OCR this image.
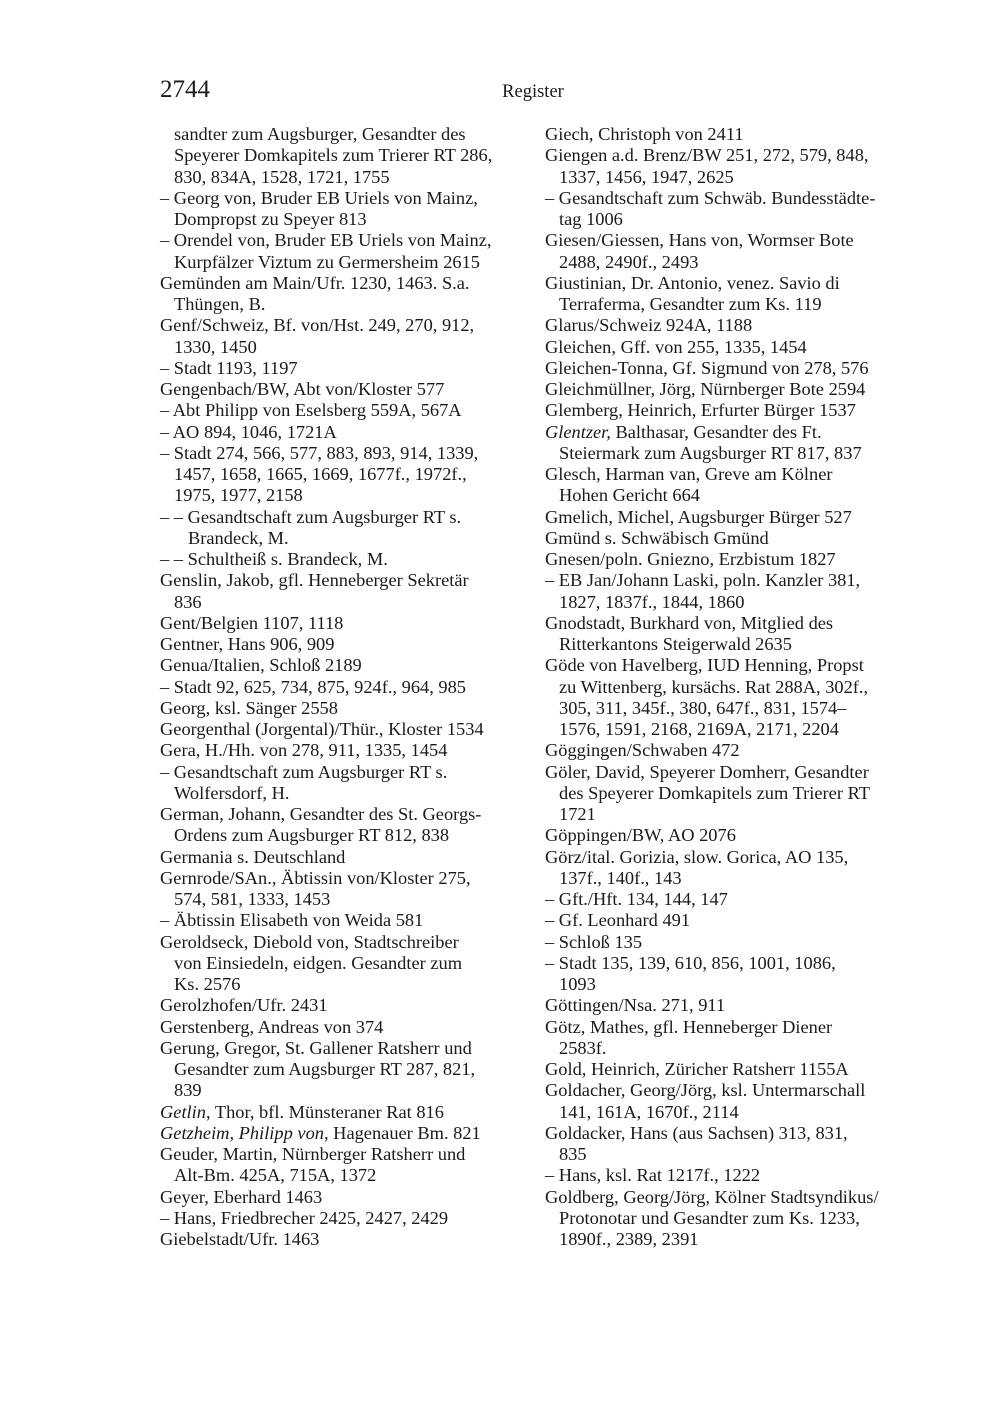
2744	Register
sandter zum Augsburger, Gesandter des
Speyerer Domkapitels zum Trierer RT 286,
830, 834A, 1528, 1721, 1755
– Georg von, Bruder EB Uriels von Mainz,
Dompropst zu Speyer 813
– Orendel von, Bruder EB Uriels von Mainz,
Kurpfälzer Viztum zu Germersheim 2615
Gemünden am Main/Ufr. 1230, 1463. S.a.
Thüngen, B.
Genf/Schweiz, Bf. von/Hst. 249, 270, 912,
1330, 1450
– Stadt 1193, 1197
Gengenbach/BW, Abt von/Kloster 577
– Abt Philipp von Eselsberg 559A, 567A
– AO 894, 1046, 1721A
– Stadt 274, 566, 577, 883, 893, 914, 1339,
1457, 1658, 1665, 1669, 1677f., 1972f.,
1975, 1977, 2158
– – Gesandtschaft zum Augsburger RT s.
Brandeck, M.
– – Schultheiß s. Brandeck, M.
Genslin, Jakob, gfl. Henneberger Sekretär
836
Gent/Belgien 1107, 1118
Gentner, Hans 906, 909
Genua/Italien, Schloß 2189
– Stadt 92, 625, 734, 875, 924f., 964, 985
Georg, ksl. Sänger 2558
Georgenthal (Jorgental)/Thür., Kloster 1534
Gera, H./Hh. von 278, 911, 1335, 1454
– Gesandtschaft zum Augsburger RT s.
Wolfersdorf, H.
German, Johann, Gesandter des St. Georgs-
Ordens zum Augsburger RT 812, 838
Germania s. Deutschland
Gernrode/SAn., Äbtissin von/Kloster 275,
574, 581, 1333, 1453
– Äbtissin Elisabeth von Weida 581
Geroldseck, Diebold von, Stadtschreiber
von Einsiedeln, eidgen. Gesandter zum
Ks. 2576
Gerolzhofen/Ufr. 2431
Gerstenberg, Andreas von 374
Gerung, Gregor, St. Gallener Ratsherr und
Gesandter zum Augsburger RT 287, 821,
839
Getlin, Thor, bfl. Münsteraner Rat 816
Getzheim, Philipp von, Hagenauer Bm. 821
Geuder, Martin, Nürnberger Ratsherr und
Alt-Bm. 425A, 715A, 1372
Geyer, Eberhard 1463
– Hans, Friedbrecher 2425, 2427, 2429
Giebelstadt/Ufr. 1463
Giech, Christoph von 2411
Giengen a.d. Brenz/BW 251, 272, 579, 848,
1337, 1456, 1947, 2625
– Gesandtschaft zum Schwäb. Bundesstädte-
tag 1006
Giesen/Giessen, Hans von, Wormser Bote
2488, 2490f., 2493
Giustinian, Dr. Antonio, venez. Savio di
Terraferma, Gesandter zum Ks. 119
Glarus/Schweiz 924A, 1188
Gleichen, Gff. von 255, 1335, 1454
Gleichen-Tonna, Gf. Sigmund von 278, 576
Gleichmüllner, Jörg, Nürnberger Bote 2594
Glemberg, Heinrich, Erfurter Bürger 1537
Glentzer, Balthasar, Gesandter des Ft.
Steiermark zum Augsburger RT 817, 837
Glesch, Harman van, Greve am Kölner
Hohen Gericht 664
Gmelich, Michel, Augsburger Bürger 527
Gmünd s. Schwäbisch Gmünd
Gnesen/poln. Gniezno, Erzbistum 1827
– EB Jan/Johann Laski, poln. Kanzler 381,
1827, 1837f., 1844, 1860
Gnodstadt, Burkhard von, Mitglied des
Ritterkantons Steigerwald 2635
Göde von Havelberg, IUD Henning, Propst
zu Wittenberg, kursächs. Rat 288A, 302f.,
305, 311, 345f., 380, 647f., 831, 1574–
1576, 1591, 2168, 2169A, 2171, 2204
Gögg​ingen/Schwaben 472
Göler, David, Speyerer Domherr, Gesandter
des Speyerer Domkapitels zum Trierer RT
1721
Göppingen/BW, AO 2076
Görz/ital. Gorizia, slow. Gorica, AO 135,
137f., 140f., 143
– Gft./Hft. 134, 144, 147
– Gf. Leonhard 491
– Schloß 135
– Stadt 135, 139, 610, 856, 1001, 1086,
1093
Göttingen/Nsa. 271, 911
Götz, Mathes, gfl. Henneberger Diener
2583f.
Gold, Heinrich, Züricher Ratsherr 1155A
Goldacher, Georg/Jörg, ksl. Untermarschall
141, 161A, 1670f., 2114
Goldacker, Hans (aus Sachsen) 313, 831,
835
– Hans, ksl. Rat 1217f., 1222
Goldberg, Georg/Jörg, Kölner Stadtsyndikus/
Protonotar und Gesandter zum Ks. 1233,
1890f., 2389, 2391
